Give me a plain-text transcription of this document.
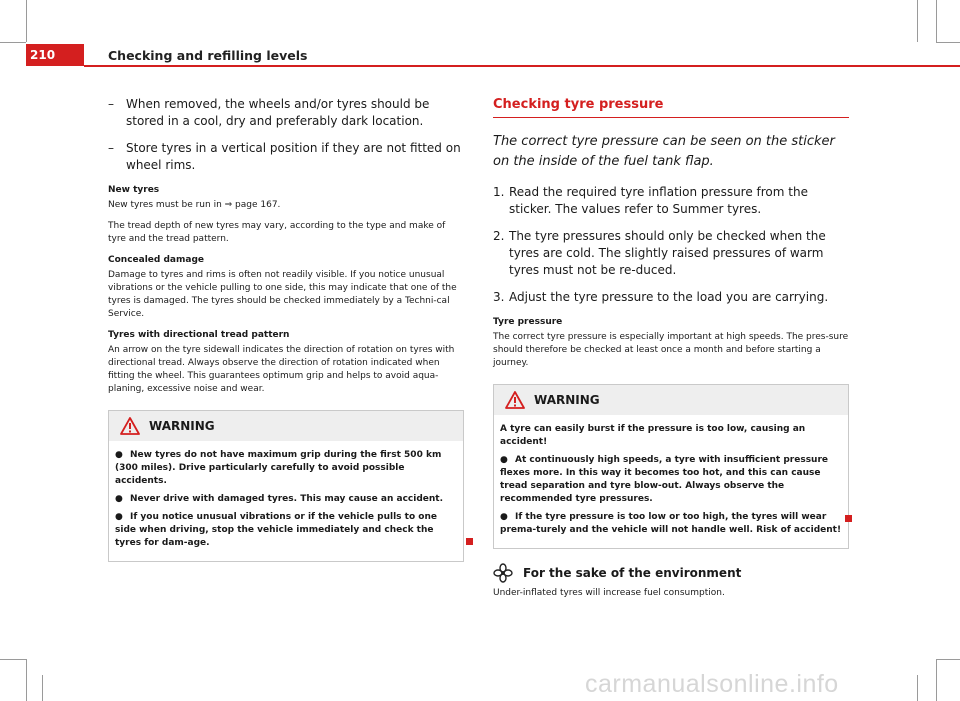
210	Checking and refilling levels
–	When removed, the wheels and/or tyres should be stored in a cool, dry and preferably dark location.
–	Store tyres in a vertical position if they are not fitted on wheel rims.

New tyres

New tyres must be run in ⇒ page 167.

The tread depth of new tyres may vary, according to the type and make of tyre and the tread pattern.

Concealed damage

Damage to tyres and rims is often not readily visible. If you notice unusual vibrations or the vehicle pulling to one side, this may indicate that one of the tyres is damaged. The tyres should be checked immediately by a Techni-cal Service.

Tyres with directional tread pattern

An arrow on the tyre sidewall indicates the direction of rotation on tyres with directional tread. Always observe the direction of rotation indicated when fitting the wheel. This guarantees optimum grip and helps to avoid aqua-planing, excessive noise and wear.

WARNING

● New tyres do not have maximum grip during the first 500 km (300 miles). Drive particularly carefully to avoid possible accidents.

● Never drive with damaged tyres. This may cause an accident.

● If you notice unusual vibrations or if the vehicle pulls to one side when driving, stop the vehicle immediately and check the tyres for dam-age.

Checking tyre pressure

The correct tyre pressure can be seen on the sticker on the inside of the fuel tank flap.

1. Read the required tyre inflation pressure from the sticker. The values refer to Summer tyres.
2. The tyre pressures should only be checked when the tyres are cold. The slightly raised pressures of warm tyres must not be re-duced.
3. Adjust the tyre pressure to the load you are carrying.

Tyre pressure

The correct tyre pressure is especially important at high speeds. The pres-sure should therefore be checked at least once a month and before starting a journey.

WARNING

A tyre can easily burst if the pressure is too low, causing an accident!

● At continuously high speeds, a tyre with insufficient pressure flexes more. In this way it becomes too hot, and this can cause tread separation and tyre blow-out. Always observe the recommended tyre pressures.

● If the tyre pressure is too low or too high, the tyres will wear prema-turely and the vehicle will not handle well. Risk of accident!

For the sake of the environment
Under-inflated tyres will increase fuel consumption.
carmanualsonline.info
